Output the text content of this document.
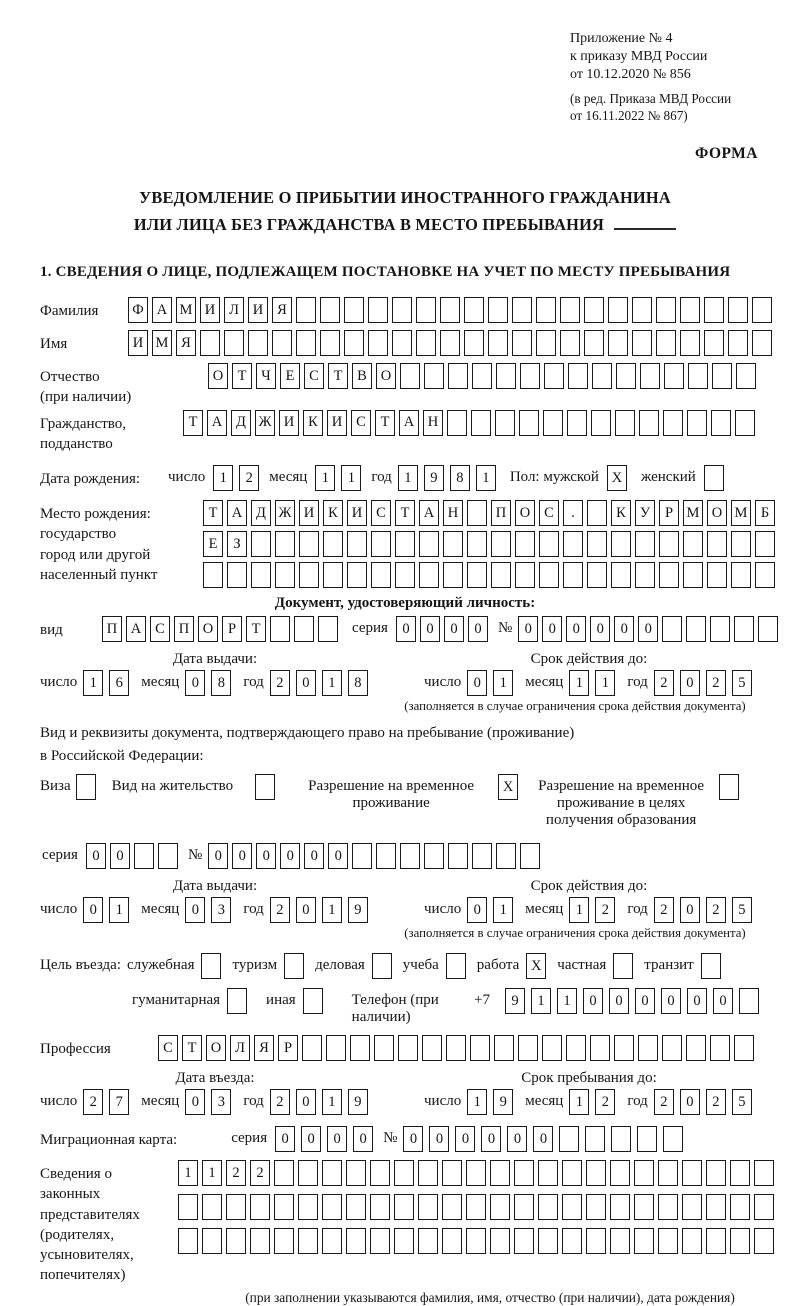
Приложение № 4
к приказу МВД России
от 10.12.2020 № 856
(в ред. Приказа МВД России
от 16.11.2022 № 867)
ФОРМА
УВЕДОМЛЕНИЕ О ПРИБЫТИИ ИНОСТРАННОГО ГРАЖДАНИНА
ИЛИ ЛИЦА БЕЗ ГРАЖДАНСТВА В МЕСТО ПРЕБЫВАНИЯ
1. СВЕДЕНИЯ О ЛИЦЕ, ПОДЛЕЖАЩЕМ ПОСТАНОВКЕ НА УЧЕТ ПО МЕСТУ ПРЕБЫВАНИЯ
Фамилия	Ф А М И Л И Я
Имя	И М Я
Отчество
(при наличии)
О Т	Ч	Е	С	Т	В О
Гражданство,
подданство
Т А Д Ж И К И С	Т А Н
Дата рождения:	число 1	2	месяц 1	1	год 1	9	8	1	Пол: мужской X	женский
Место рождения:
государство
город или другой
населенный пункт
Т А Д Ж И К И С	Т А Н	П О С	.	К У	Р М О М Б
Е	З
Документ, удостоверяющий личность:
вид	П А С П О	Р	Т	серия 0	0	0	0	№ 0	0	0	0	0	0
Дата выдачи:	Срок действия до:
число 1	6	месяц 0	8	год 2	0	1	8	число 0	1	месяц 1	1	год 2	0	2	5
(заполняется в случае ограничения срока действия документа)
Вид и реквизиты документа, подтверждающего право на пребывание (проживание)
в Российской Федерации:
Виза	Вид на жительство	Разрешение на временное проживание
X	Разрешение на временное проживание в целях получения образования
серия 0	0	№ 0	0	0	0	0	0
Дата выдачи:	Срок действия до:
число 0	1	месяц 0	3	год 2	0	1	9	число 0	1	месяц 1	2	год 2	0	2	5
(заполняется в случае ограничения срока действия документа)
Цель въезда: служебная	туризм	деловая	учеба	работа X	частная	транзит
гуманитарная	иная	Телефон (при наличии)
+7	9	1	1	0	0	0	0	0	0
Профессия	С	Т О Л Я	Р
Дата въезда:	Срок пребывания до:
число 2	7	месяц 0	3	год 2	0	1	9	число 1	9	месяц 1	2	год 2	0	2	5
Миграционная карта:	серия 0	0	0	0	№ 0	0	0	0	0	0
Сведения о
законных
представителях
(родителях,
усыновителях,
попечителях)
1	1	2	2
(при заполнении указываются фамилия, имя, отчество (при наличии), дата рождения)
